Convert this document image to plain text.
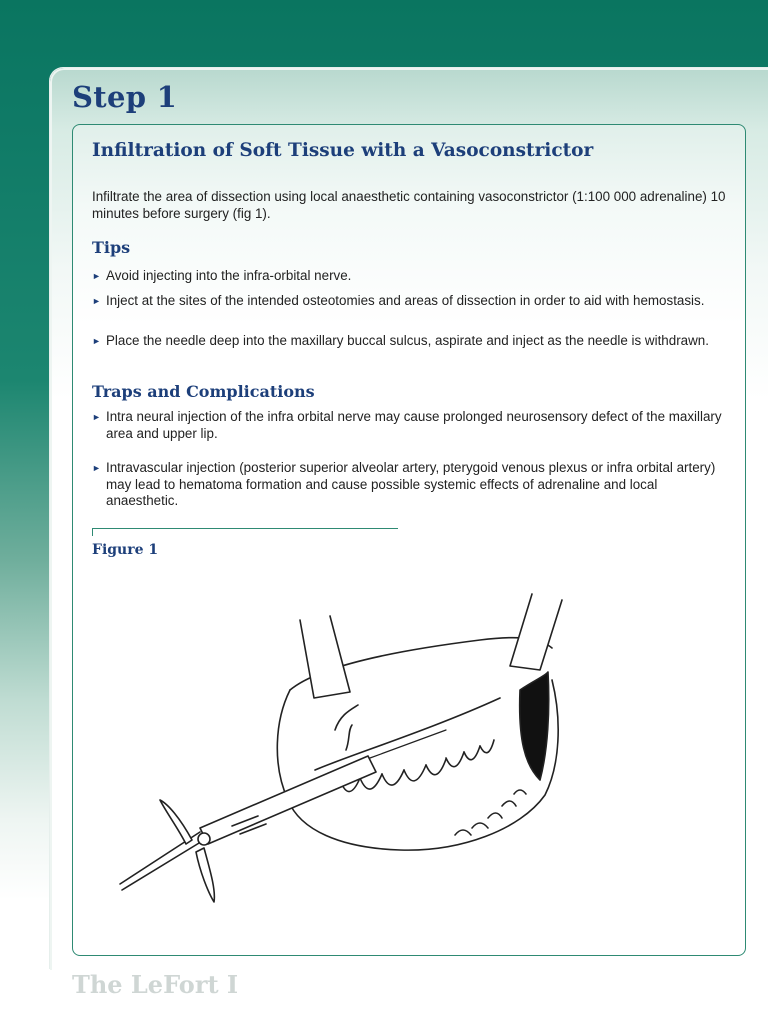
Step 1
Infiltration of Soft Tissue with a Vasoconstrictor

Infiltrate the area of dissection using local anaesthetic containing vasoconstrictor (1:100 000 adrenaline) 10 minutes before surgery (fig 1).

Tips
► Avoid injecting into the infra-orbital nerve.
► Inject at the sites of the intended osteotomies and areas of dissection in order to aid with hemostasis.
► Place the needle deep into the maxillary buccal sulcus, aspirate and inject as the needle is withdrawn.
Traps and Complications
► Intra neural injection of the infra orbital nerve may cause prolonged neurosensory defect of the maxillary area and upper lip.
► Intravascular injection (posterior superior alveolar artery, pterygoid venous plexus or infra orbital artery) may lead to hematoma formation and cause possible systemic effects of adrenaline and local anaesthetic.
Figure 1
The LeFort I
